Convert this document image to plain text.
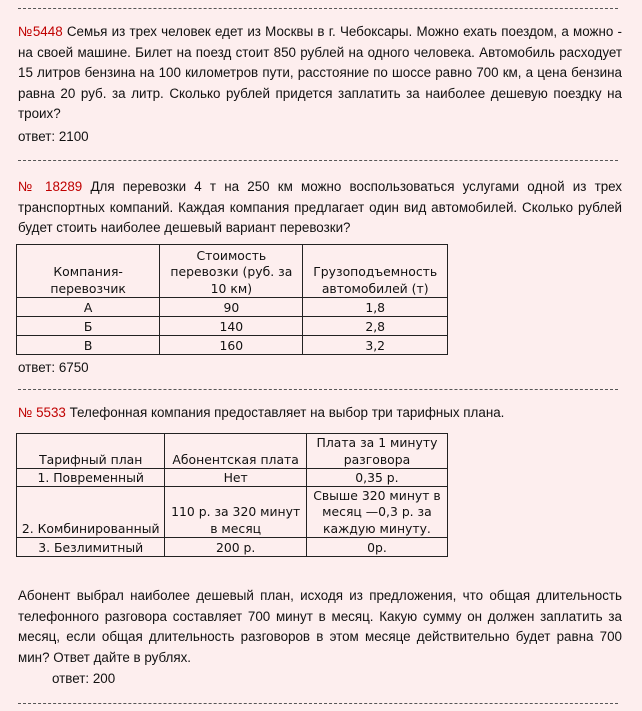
№5448 Семья из трех человек едет из Москвы в г. Чебоксары. Можно ехать поездом, а можно - на своей машине. Билет на поезд стоит 850 рублей на одного человека. Автомобиль расходует 15 литров бензина на 100 километров пути, расстояние по шоссе равно 700 км, а цена бензина равна 20 руб. за литр. Сколько рублей придется заплатить за наиболее дешевую поездку на троих?
ответ: 2100
№ 18289 Для перевозки 4 т на 250 км можно воспользоваться услугами одной из трех транспортных компаний. Каждая компания предлагает один вид автомобилей. Сколько рублей будет стоить наиболее дешевый вариант перевозки?
Компания-перевозчик	Стоимость перевозки (руб. за 10 км)	Грузоподъемность автомобилей (т)
А	90	1,8
Б	140	2,8
В	160	3,2
ответ: 6750
№ 5533 Телефонная компания предоставляет на выбор три тарифных плана.
Тарифный план	Абонентская плата	Плата за 1 минуту разговора
1. Повременный	Нет	0,35 р.
2. Комбинированный	110 р. за 320 минут в месяц	Свыше 320 минут в месяц —0,3 р. за каждую минуту.
3. Безлимитный	200 р.	0р.
Абонент выбрал наиболее дешевый план, исходя из предложения, что общая длительность телефонного разговора составляет 700 минут в месяц. Какую сумму он должен заплатить за месяц, если общая длительность разговоров в этом месяце действительно будет равна 700 мин? Ответ дайте в рублях.
ответ: 200
